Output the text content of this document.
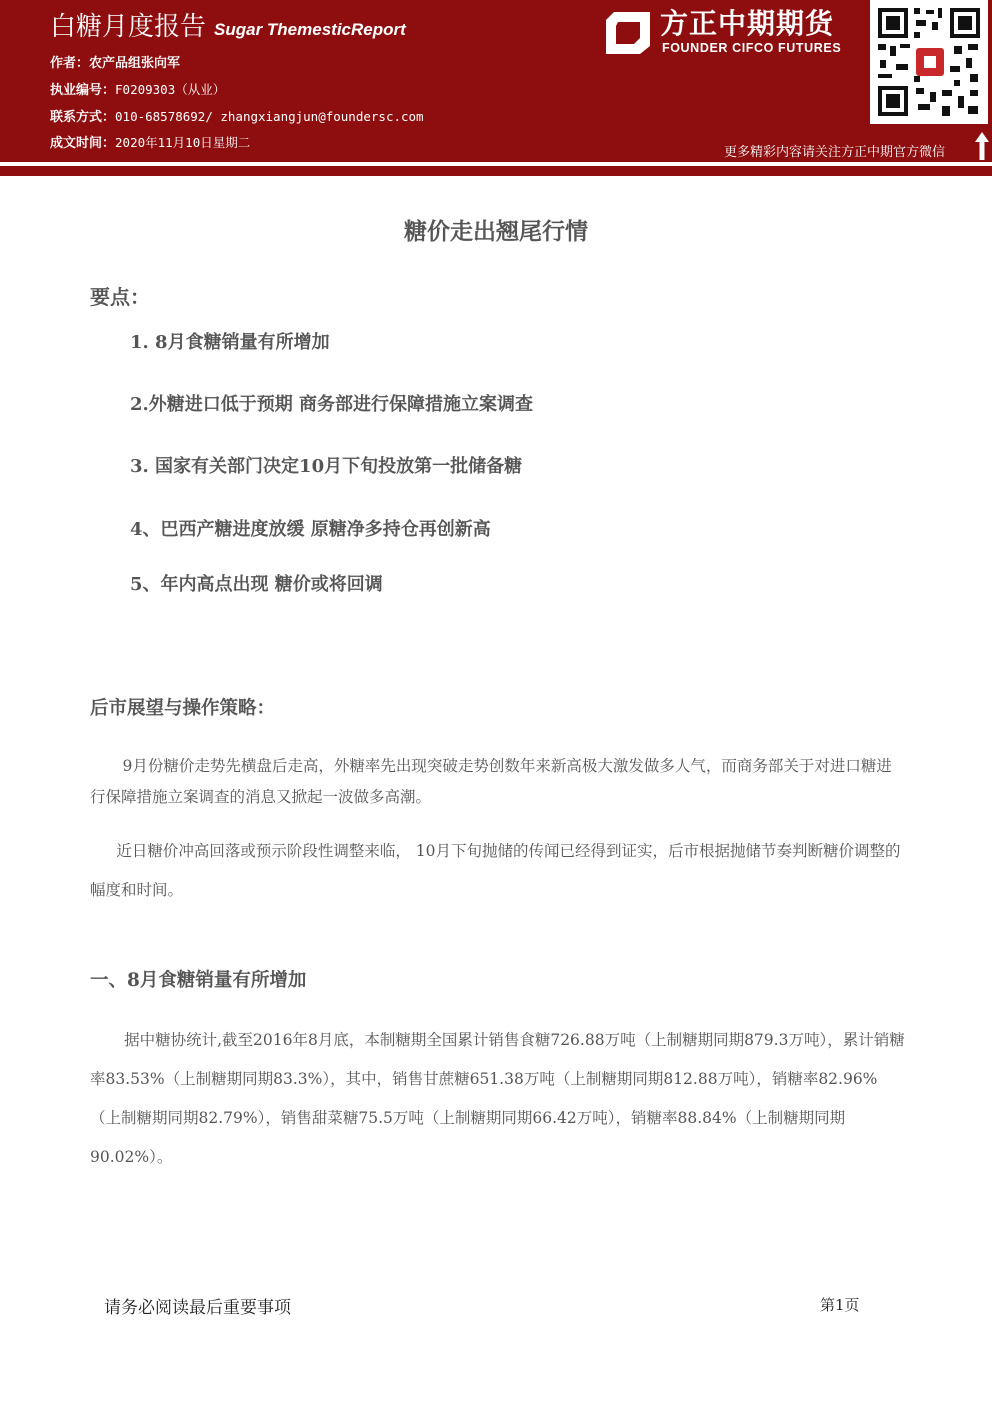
白糖月度报告 Sugar ThemesticReport
作者：农产品组张向军
执业编号：F0209303（从业）
联系方式：010-68578692/ zhangxiangjun@foundersc.com
成文时间：2020年11月10日星期二
方正中期期货
FOUNDER CIFCO FUTURES
更多精彩内容请关注方正中期官方微信
糖价走出翘尾行情
要点：
1. 8月食糖销量有所增加
2.外糖进口低于预期 商务部进行保障措施立案调查
3. 国家有关部门决定10月下旬投放第一批储备糖
4、巴西产糖进度放缓 原糖净多持仓再创新高
5、年内高点出现 糖价或将回调
后市展望与操作策略：

9月份糖价走势先横盘后走高，外糖率先出现突破走势创数年来新高极大激发做多人气，而商务部关于对进口糖进行保障措施立案调查的消息又掀起一波做多高潮。

近日糖价冲高回落或预示阶段性调整来临， 10月下旬抛储的传闻已经得到证实，后市根据抛储节奏判断糖价调整的幅度和时间。

一、8月食糖销量有所增加

据中糖协统计,截至2016年8月底，本制糖期全国累计销售食糖726.88万吨（上制糖期同期879.3万吨），累计销糖率83.53%（上制糖期同期83.3%），其中，销售甘蔗糖651.38万吨（上制糖期同期812.88万吨），销糖率82.96%（上制糖期同期82.79%），销售甜菜糖75.5万吨（上制糖期同期66.42万吨），销糖率88.84%（上制糖期同期90.02%）。

请务必阅读最后重要事项	第1页
